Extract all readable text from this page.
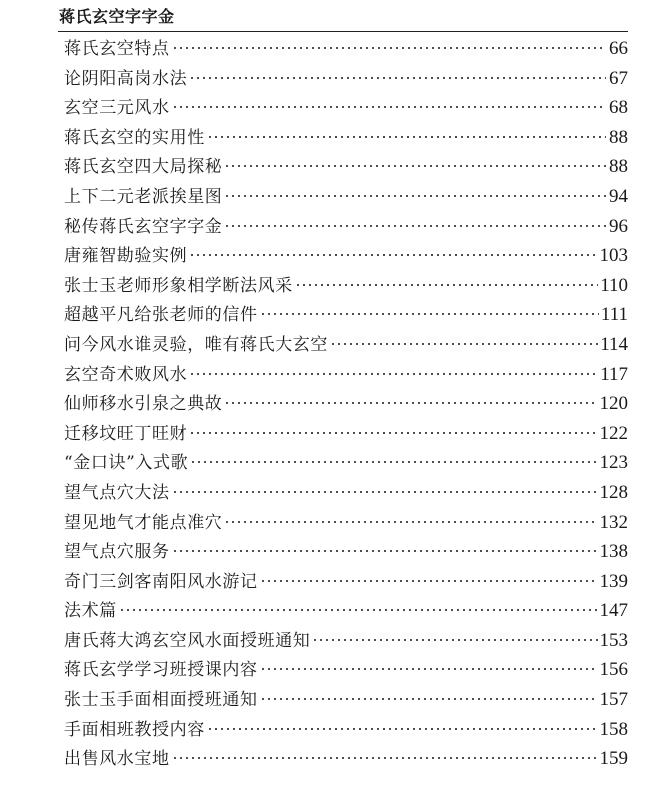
蒋氏玄空字字金
蒋氏玄空特点	66
论阴阳高岗水法	67
玄空三元风水	68
蒋氏玄空的实用性	88
蒋氏玄空四大局探秘	88
上下二元老派挨星图	94
秘传蒋氏玄空字字金	96
唐雍智勘验实例	103
张士玉老师形象相学断法风采	110
超越平凡给张老师的信件	111
问今风水谁灵验，唯有蒋氏大玄空	114
玄空奇术败风水	117
仙师移水引泉之典故	120
迁移坟旺丁旺财	122
“金口诀”入式歌	123
望气点穴大法	128
望见地气才能点准穴	132
望气点穴服务	138
奇门三剑客南阳风水游记	139
法术篇	147
唐氏蒋大鸿玄空风水面授班通知	153
蒋氏玄学学习班授课内容	156
张士玉手面相面授班通知	157
手面相班教授内容	158
出售风水宝地	159
